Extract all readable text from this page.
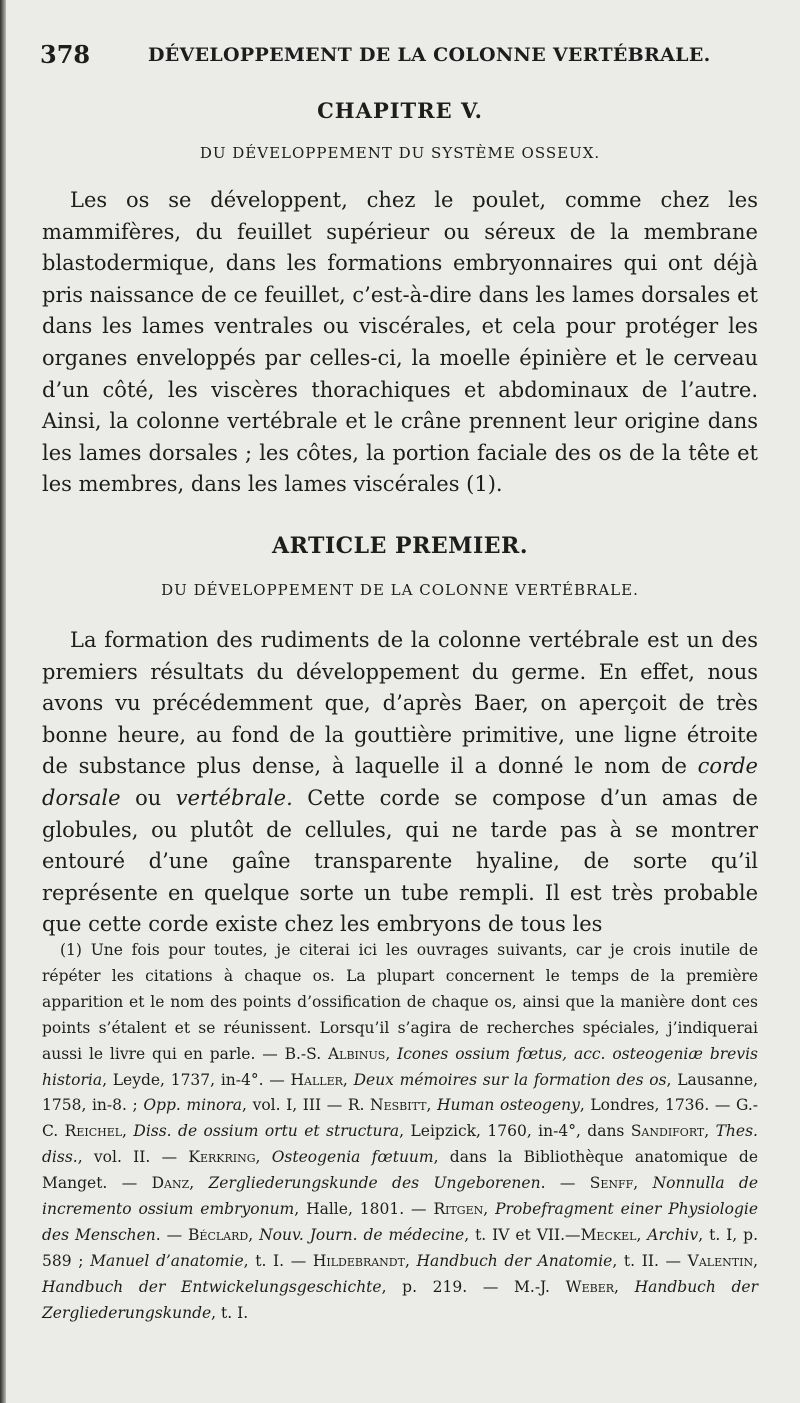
378	DÉVELOPPEMENT DE LA COLONNE VERTÉBRALE.
CHAPITRE V.
DU DÉVELOPPEMENT DU SYSTÈME OSSEUX.

Les os se développent, chez le poulet, comme chez les mammifères, du feuillet supérieur ou séreux de la membrane blastodermique, dans les formations embryonnaires qui ont déjà pris naissance de ce feuillet, c’est-à-dire dans les lames dorsales et dans les lames ventrales ou viscérales, et cela pour protéger les organes enveloppés par celles-ci, la moelle épinière et le cerveau d’un côté, les viscères thorachiques et abdominaux de l’autre. Ainsi, la colonne vertébrale et le crâne prennent leur origine dans les lames dorsales ; les côtes, la portion faciale des os de la tête et les membres, dans les lames viscérales (1).

ARTICLE PREMIER.
DU DÉVELOPPEMENT DE LA COLONNE VERTÉBRALE.

La formation des rudiments de la colonne vertébrale est un des premiers résultats du développement du germe. En effet, nous avons vu précédemment que, d’après Baer, on aperçoit de très bonne heure, au fond de la gouttière primitive, une ligne étroite de substance plus dense, à laquelle il a donné le nom de corde dorsale ou vertébrale. Cette corde se compose d’un amas de globules, ou plutôt de cellules, qui ne tarde pas à se montrer entouré d’une gaîne transparente hyaline, de sorte qu’il représente en quelque sorte un tube rempli. Il est très probable que cette corde existe chez les embryons de tous les

(1) Une fois pour toutes, je citerai ici les ouvrages suivants, car je crois inutile de répéter les citations à chaque os. La plupart concernent le temps de la première apparition et le nom des points d’ossification de chaque os, ainsi que la manière dont ces points s’étalent et se réunissent. Lorsqu’il s’agira de recherches spéciales, j’indiquerai aussi le livre qui en parle. — B.-S. Albinus, Icones ossium fœtus, acc. osteogeniæ brevis historia, Leyde, 1737, in-4°. — Haller, Deux mémoires sur la formation des os, Lausanne, 1758, in-8. ; Opp. minora, vol. I, III — R. Nesbitt, Human osteogeny, Londres, 1736. — G.-C. Reichel, Diss. de ossium ortu et structura, Leipzick, 1760, in-4°, dans Sandifort, Thes. diss., vol. II. — Kerkring, Osteogenia fœtuum, dans la Bibliothèque anatomique de Manget. — Danz, Zergliederungskunde des Ungeborenen. — Senff, Nonnulla de incremento ossium embryonum, Halle, 1801. — Ritgen, Probefragment einer Physiologie des Menschen. — Béclard, Nouv. Journ. de médecine, t. IV et VII.—Meckel, Archiv, t. I, p. 589 ; Manuel d’anatomie, t. I. — Hildebrandt, Handbuch der Anatomie, t. II. — Valentin, Handbuch der Entwickelungsgeschichte, p. 219. — M.-J. Weber, Handbuch der Zergliederungskunde, t. I.
